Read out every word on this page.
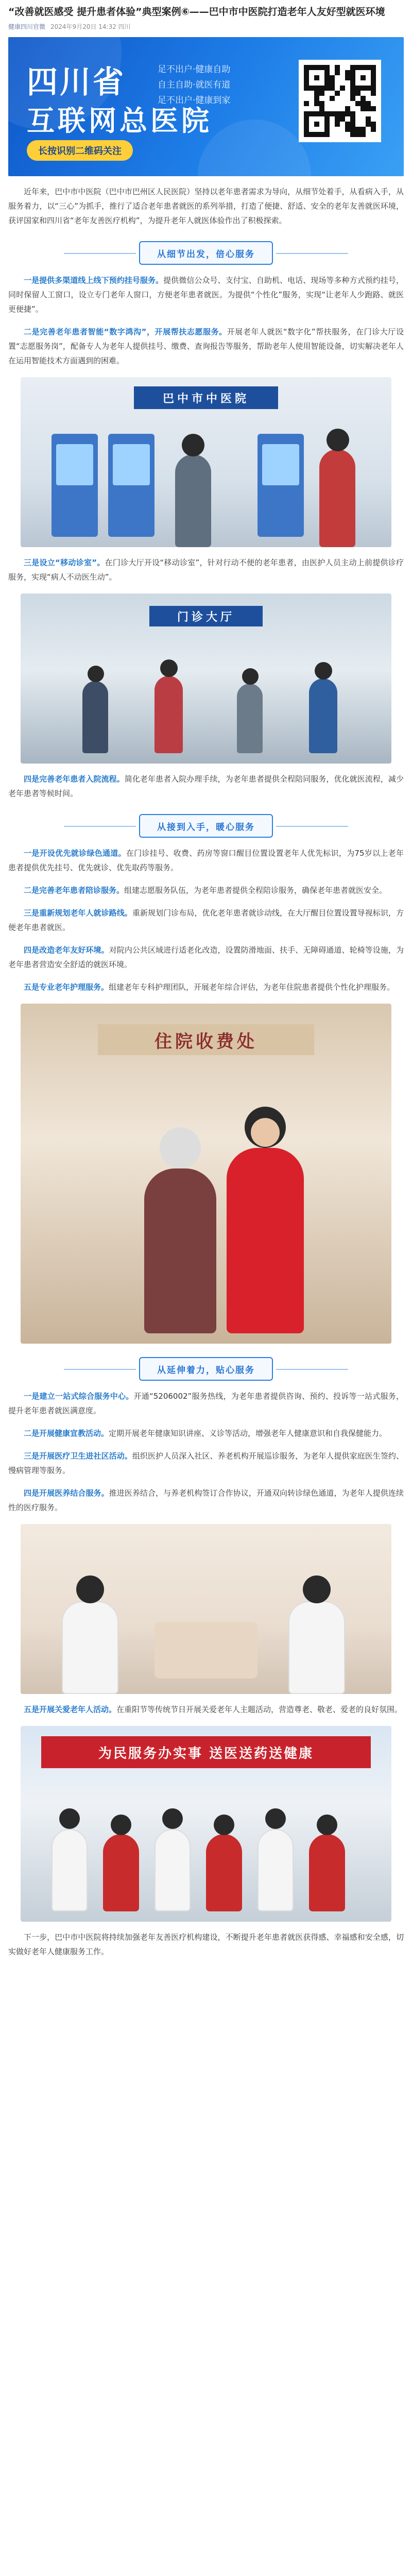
“改善就医感受 提升患者体验”典型案例⑥——巴中市中医院打造老年人友好型就医环境
健康四川官微 2024年9月20日 14:32 四川
四川省
互联网总医院
足不出户·健康自助
自主自助·就医有道
足不出户·健康到家
长按识别二维码关注

近年来，巴中市中医院（巴中市巴州区人民医院）坚持以老年患者需求为导向，从细节处着手，从看病入手，从服务着力，以“三心”为抓手，推行了适合老年患者就医的系列举措，打造了便捷、舒适、安全的老年友善就医环境，获评国家和四川省“老年友善医疗机构”，为提升老年人就医体验作出了积极探索。

从细节出发，倍心服务

一是提供多渠道线上线下预约挂号服务。提供微信公众号、支付宝、自助机、电话、现场等多种方式预约挂号，同时保留人工窗口，设立专门老年人窗口，方便老年患者就医。为提供“个性化”服务，实现“让老年人少跑路、就医更便捷”。

二是完善老年患者智能“数字鸿沟”，开展帮扶志愿服务。开展老年人就医“数字化”帮扶服务，在门诊大厅设置“志愿服务岗”，配备专人为老年人提供挂号、缴费、查询报告等服务，帮助老年人使用智能设备，切实解决老年人在运用智能技术方面遇到的困难。

巴中市中医院

三是设立“移动诊室”。在门诊大厅开设“移动诊室”，针对行动不便的老年患者，由医护人员主动上前提供诊疗服务，实现“病人不动医生动”。

门诊大厅

四是完善老年患者入院流程。简化老年患者入院办理手续，为老年患者提供全程陪同服务，优化就医流程，减少老年患者等候时间。

从接到入手，暖心服务

一是开设优先就诊绿色通道。在门诊挂号、收费、药房等窗口醒目位置设置老年人优先标识，为75岁以上老年患者提供优先挂号、优先就诊、优先取药等服务。

二是完善老年患者陪诊服务。组建志愿服务队伍，为老年患者提供全程陪诊服务，确保老年患者就医安全。

三是重新规划老年人就诊路线。重新规划门诊布局，优化老年患者就诊动线，在大厅醒目位置设置导视标识，方便老年患者就医。

四是改造老年友好环境。对院内公共区域进行适老化改造，设置防滑地面、扶手、无障碍通道、轮椅等设施，为老年患者营造安全舒适的就医环境。

五是专业老年护理服务。组建老年专科护理团队，开展老年综合评估，为老年住院患者提供个性化护理服务。

住院收费处
从延伸着力，贴心服务

一是建立一站式综合服务中心。开通“5206002”服务热线，为老年患者提供咨询、预约、投诉等一站式服务，提升老年患者就医满意度。

二是开展健康宣教活动。定期开展老年健康知识讲座、义诊等活动，增强老年人健康意识和自我保健能力。

三是开展医疗卫生进社区活动。组织医护人员深入社区、养老机构开展巡诊服务，为老年人提供家庭医生签约、慢病管理等服务。

四是开展医养结合服务。推进医养结合，与养老机构签订合作协议，开通双向转诊绿色通道，为老年人提供连续性的医疗服务。

五是开展关爱老年人活动。在重阳节等传统节日开展关爱老年人主题活动，营造尊老、敬老、爱老的良好氛围。

为民服务办实事 送医送药送健康

下一步，巴中市中医院将持续加强老年友善医疗机构建设，不断提升老年患者就医获得感、幸福感和安全感，切实做好老年人健康服务工作。
